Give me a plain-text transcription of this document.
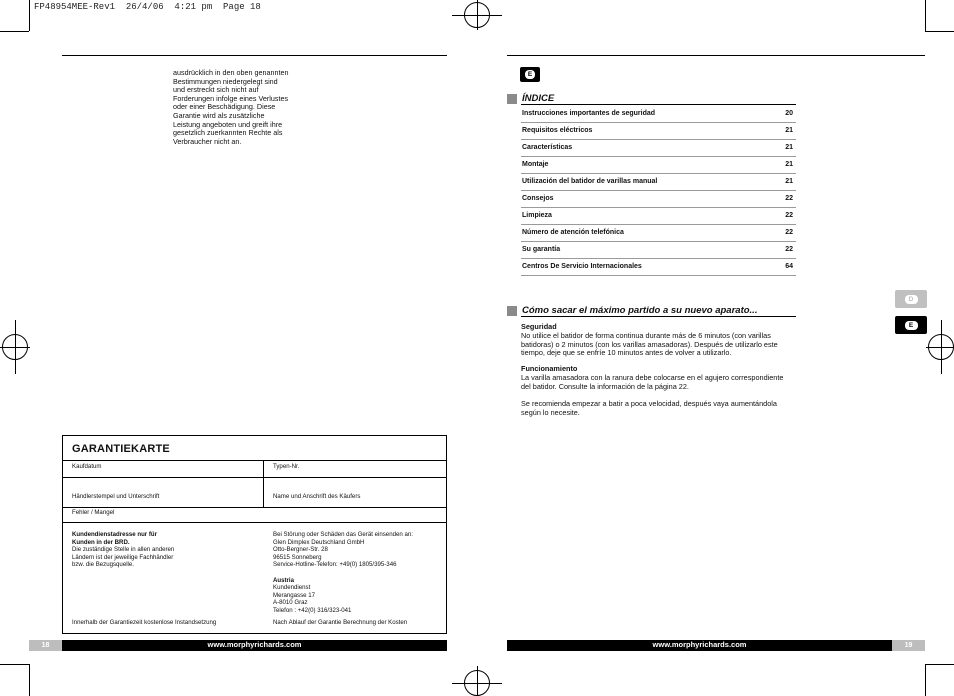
FP48954MEE-Rev1  26/4/06  4:21 pm  Page 18
ausdrücklich in den oben genannten
Bestimmungen niedergelegt sind
und erstreckt sich nicht auf
Forderungen infolge eines Verlustes
oder einer Beschädigung. Diese
Garantie wird als zusätzliche
Leistung angeboten und greift ihre
gesetzlich zuerkannten Rechte als
Verbraucher nicht an.
GARANTIEKARTE
Kaufdatum	Typen-Nr.
Händlerstempel und Unterschrift	Name und Anschrift des Käufers
Fehler / Mangel
Kundendienstadresse nur für
Kunden in der BRD.
Die zuständige Stelle in allen anderen
Ländern ist der jeweilige Fachhändler
bzw. die Bezugsquelle.
Bei Störung oder Schäden das Gerät einsenden an:
Glen Dimplex Deutschland GmbH
Otto-Bergner-Str. 28
96515 Sonneberg
Service-Hotline-Telefon: +49(0) 1805/395-346
Austria
Kundendienst
Merangasse 17
A-8010 Graz
Telefon : +42(0) 316/323-041
Innerhalb der Garantiezeit kostenlose Instandsetzung	Nach Ablauf der Garantie Berechnung der Kosten
18	www.morphyrichards.com
E
ÍNDICE
Instrucciones importantes de seguridad	20
Requisitos eléctricos	21
Características	21
Montaje	21
Utilización del batidor de varillas manual	21
Consejos	22
Limpieza	22
Número de atención telefónica	22
Su garantía	22
Centros De Servicio Internacionales	64
Cómo sacar el máximo partido a su nuevo aparato...
Seguridad
No utilice el batidor de forma continua durante más de 6 minutos (con varillas
batidoras) o 2 minutos (con los varillas amasadoras). Después de utilizarlo este
tiempo, deje que se enfríe 10 minutos antes de volver a utilizarlo.
Funcionamiento
La varilla amasadora con la ranura debe colocarse en el agujero correspondiente
del batidor. Consulte la información de la página 22.
Se recomienda empezar a batir a poca velocidad, después vaya aumentándola
según lo necesite.
D
E
www.morphyrichards.com	19
